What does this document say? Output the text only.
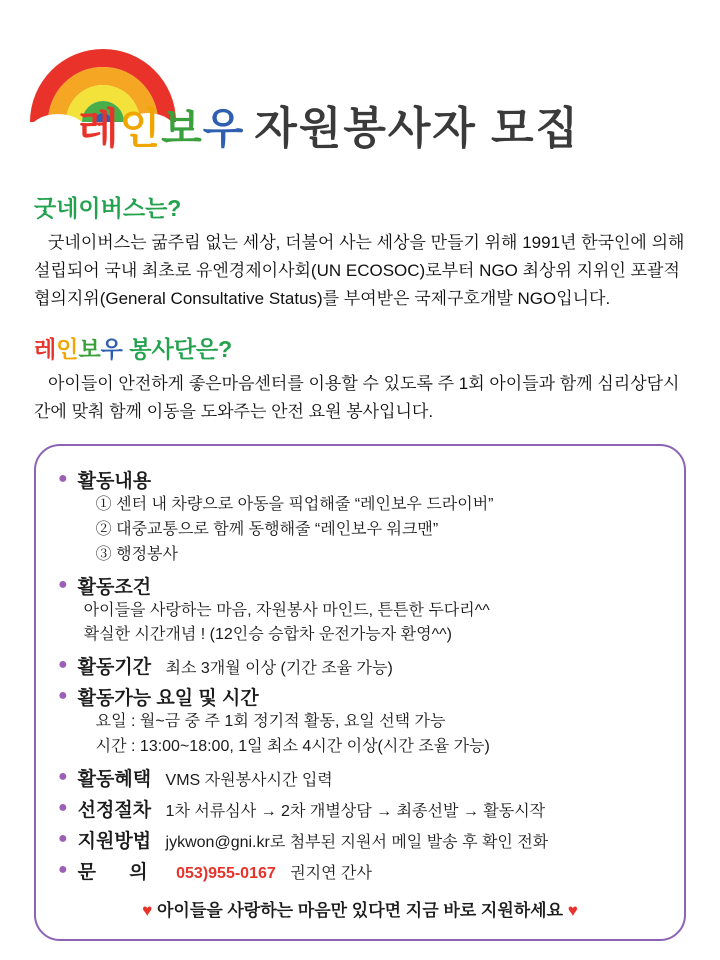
레인보우 자원봉사자 모집
굿네이버스는?
굿네이버스는 굶주림 없는 세상, 더불어 사는 세상을 만들기 위해 1991년 한국인에 의해 설립되어 국내 최초로 유엔경제이사회(UN ECOSOC)로부터 NGO 최상위 지위인 포괄적 협의지위(General Consultative Status)를 부여받은 국제구호개발 NGO입니다.
레인보우 봉사단은?
아이들이 안전하게 좋은마음센터를 이용할 수 있도록 주 1회 아이들과 함께 심리상담시간에 맞춰 함께 이동을 도와주는 안전 요원 봉사입니다.
● 활동내용
① 센터 내 차량으로 아동을 픽업해줄 “레인보우 드라이버”
② 대중교통으로 함께 동행해줄 “레인보우 워크맨”
③ 행정봉사
● 활동조건
아이들을 사랑하는 마음, 자원봉사 마인드, 튼튼한 두다리^^
확실한 시간개념 ! (12인승 승합차 운전가능자 환영^^)
● 활동기간 최소 3개월 이상 (기간 조율 가능)
● 활동가능 요일 및 시간
요일 : 월~금 중 주 1회 정기적 활동, 요일 선택 가능
시간 : 13:00~18:00, 1일 최소 4시간 이상(시간 조율 가능)
● 활동혜택 VMS 자원봉사시간 입력
● 선정절차 1차 서류심사 → 2차 개별상담 → 최종선발 → 활동시작
● 지원방법 jykwon@gni.kr로 첨부된 지원서 메일 발송 후 확인 전화
● 문 의 053)955-0167 권지연 간사
♥ 아이들을 사랑하는 마음만 있다면 지금 바로 지원하세요 ♥
